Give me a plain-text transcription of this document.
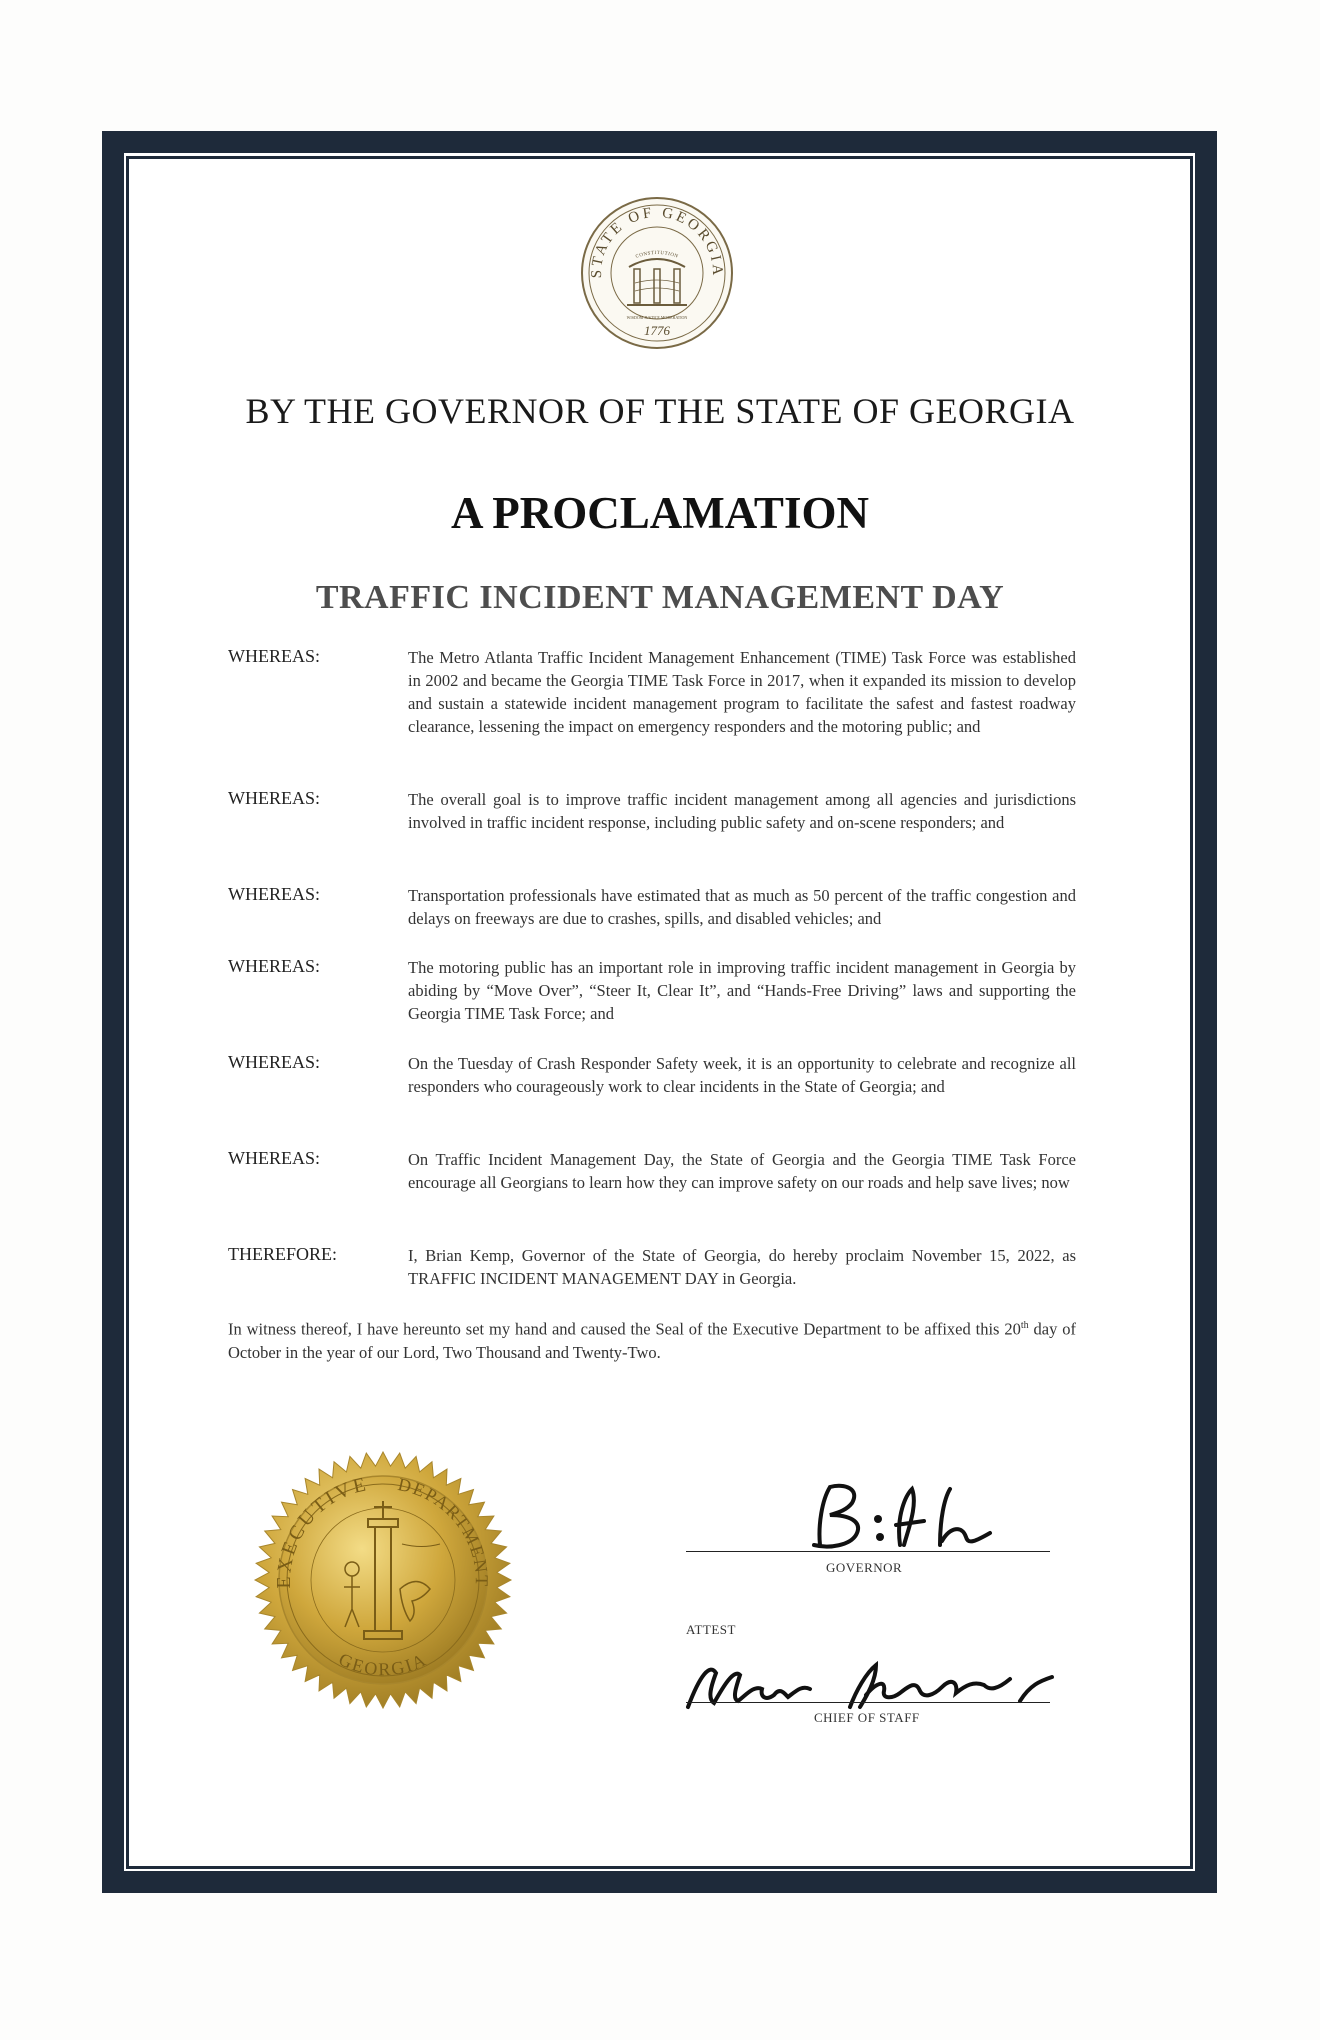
STATE OF GEORGIA
CONSTITUTION
1776
WISDOM JUSTICE MODERATION
BY THE GOVERNOR OF THE STATE OF GEORGIA
A PROCLAMATION
TRAFFIC INCIDENT MANAGEMENT DAY
WHEREAS:	The Metro Atlanta Traffic Incident Management Enhancement (TIME) Task Force was established in 2002 and became the Georgia TIME Task Force in 2017, when it expanded its mission to develop and sustain a statewide incident management program to facilitate the safest and fastest roadway clearance, lessening the impact on emergency responders and the motoring public; and
WHEREAS:	The overall goal is to improve traffic incident management among all agencies and jurisdictions involved in traffic incident response, including public safety and on-scene responders; and
WHEREAS:	Transportation professionals have estimated that as much as 50 percent of the traffic congestion and delays on freeways are due to crashes, spills, and disabled vehicles; and
WHEREAS:	The motoring public has an important role in improving traffic incident management in Georgia by abiding by “Move Over”, “Steer It, Clear It”, and “Hands-Free Driving” laws and supporting the Georgia TIME Task Force; and
WHEREAS:	On the Tuesday of Crash Responder Safety week, it is an opportunity to celebrate and recognize all responders who courageously work to clear incidents in the State of Georgia; and
WHEREAS:	On Traffic Incident Management Day, the State of Georgia and the Georgia TIME Task Force encourage all Georgians to learn how they can improve safety on our roads and help save lives; now
THEREFORE:	I, Brian Kemp, Governor of the State of Georgia, do hereby proclaim November 15, 2022, as TRAFFIC INCIDENT MANAGEMENT DAY in Georgia.
In witness thereof, I have hereunto set my hand and caused the Seal of the Executive Department to be affixed this 20th day of October in the year of our Lord, Two Thousand and Twenty-Two.
EXECUTIVE DEPARTMENT
GEORGIA
GOVERNOR
ATTEST
CHIEF OF STAFF
